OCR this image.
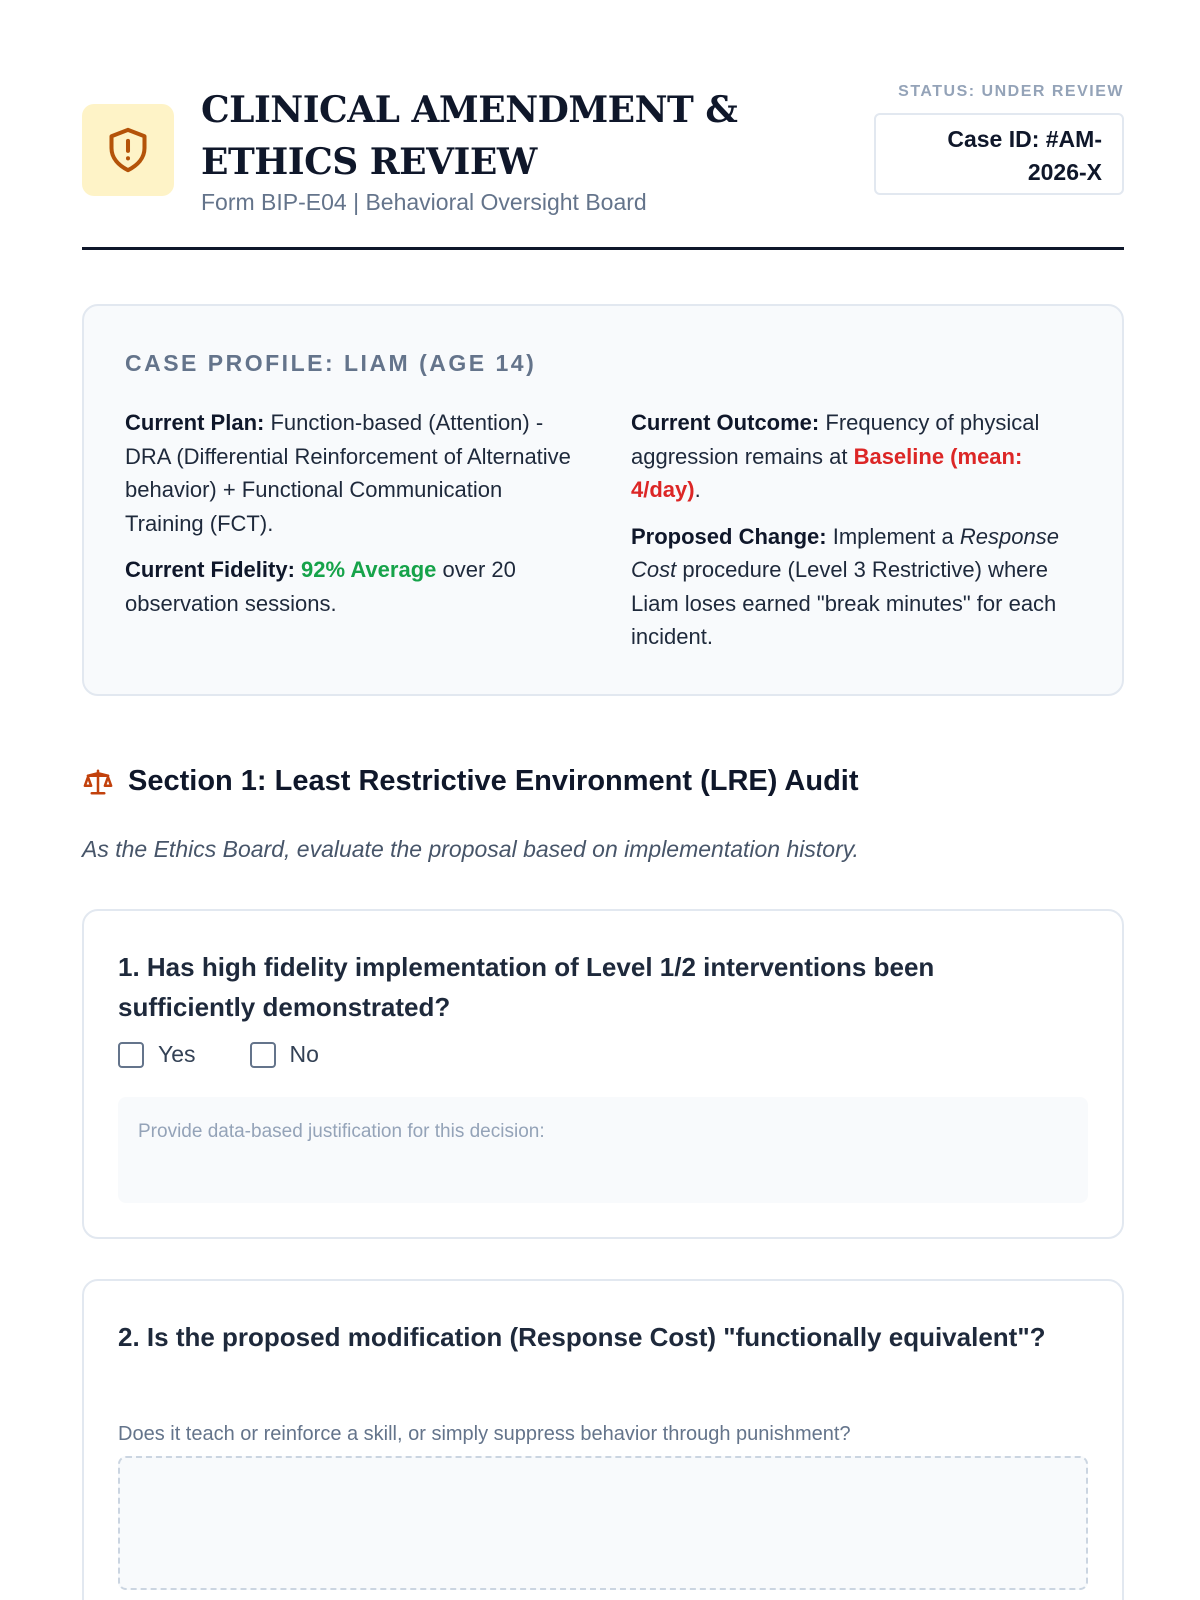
CLINICAL AMENDMENT & ETHICS REVIEW
Form BIP-E04 | Behavioral Oversight Board
STATUS: UNDER REVIEW
Case ID: #AM-2026-X
CASE PROFILE: LIAM (AGE 14)

Current Plan: Function-based (Attention) - DRA (Differential Reinforcement of Alternative behavior) + Functional Communication Training (FCT).

Current Fidelity: 92% Average over 20 observation sessions.

Current Outcome: Frequency of physical aggression remains at Baseline (mean: 4/day).

Proposed Change: Implement a Response Cost procedure (Level 3 Restrictive) where Liam loses earned "break minutes" for each incident.

Section 1: Least Restrictive Environment (LRE) Audit
As the Ethics Board, evaluate the proposal based on implementation history.
1. Has high fidelity implementation of Level 1/2 interventions been sufficiently demonstrated?
Yes	No
Provide data-based justification for this decision:
2. Is the proposed modification (Response Cost) "functionally equivalent"?
Does it teach or reinforce a skill, or simply suppress behavior through punishment?
